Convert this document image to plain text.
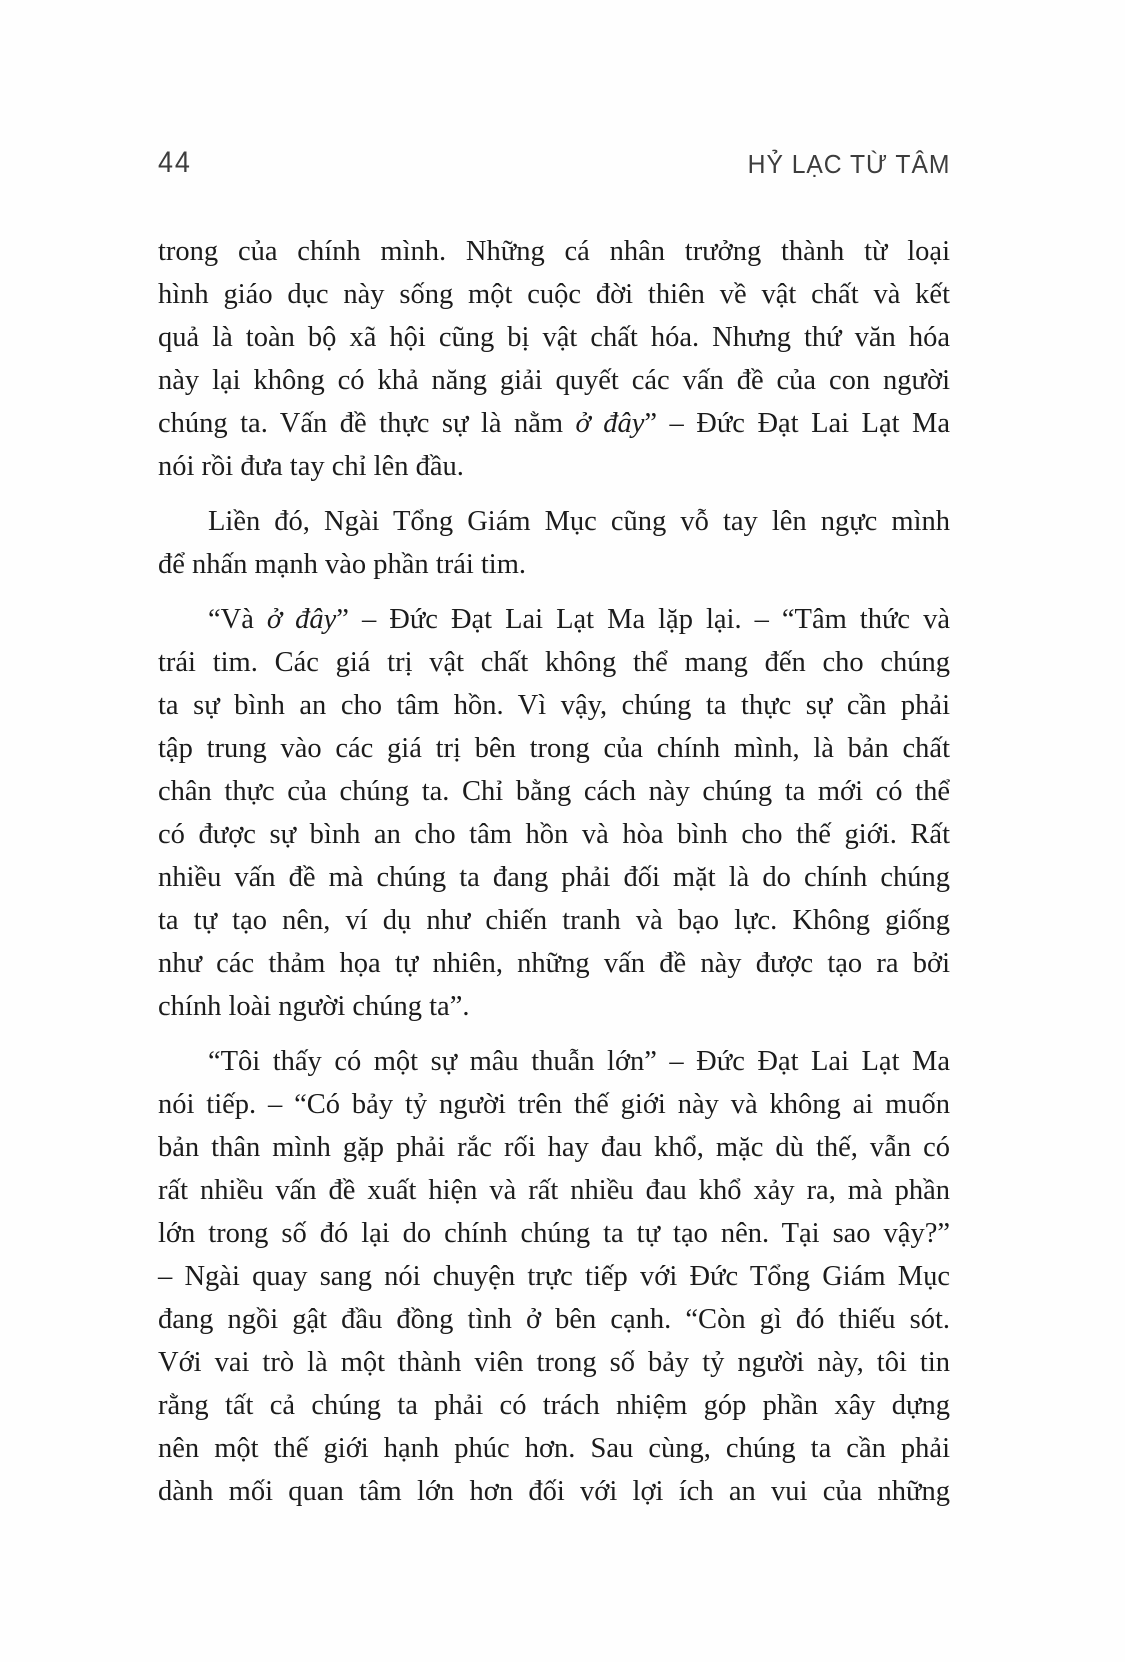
44	HỶ LẠC TỪ TÂM

trong của chính mình. Những cá nhân trưởng thành từ loại
hình giáo dục này sống một cuộc đời thiên về vật chất và kết
quả là toàn bộ xã hội cũng bị vật chất hóa. Nhưng thứ văn hóa
này lại không có khả năng giải quyết các vấn đề của con người
chúng ta. Vấn đề thực sự là nằm ở đây” – Đức Đạt Lai Lạt Ma
nói rồi đưa tay chỉ lên đầu.

Liền đó, Ngài Tổng Giám Mục cũng vỗ tay lên ngực mình
để nhấn mạnh vào phần trái tim.

“Và ở đây” – Đức Đạt Lai Lạt Ma lặp lại. – “Tâm thức và
trái tim. Các giá trị vật chất không thể mang đến cho chúng
ta sự bình an cho tâm hồn. Vì vậy, chúng ta thực sự cần phải
tập trung vào các giá trị bên trong của chính mình, là bản chất
chân thực của chúng ta. Chỉ bằng cách này chúng ta mới có thể
có được sự bình an cho tâm hồn và hòa bình cho thế giới. Rất
nhiều vấn đề mà chúng ta đang phải đối mặt là do chính chúng
ta tự tạo nên, ví dụ như chiến tranh và bạo lực. Không giống
như các thảm họa tự nhiên, những vấn đề này được tạo ra bởi
chính loài người chúng ta”.

“Tôi thấy có một sự mâu thuẫn lớn” – Đức Đạt Lai Lạt Ma
nói tiếp. – “Có bảy tỷ người trên thế giới này và không ai muốn
bản thân mình gặp phải rắc rối hay đau khổ, mặc dù thế, vẫn có
rất nhiều vấn đề xuất hiện và rất nhiều đau khổ xảy ra, mà phần
lớn trong số đó lại do chính chúng ta tự tạo nên. Tại sao vậy?”
– Ngài quay sang nói chuyện trực tiếp với Đức Tổng Giám Mục
đang ngồi gật đầu đồng tình ở bên cạnh. “Còn gì đó thiếu sót.
Với vai trò là một thành viên trong số bảy tỷ người này, tôi tin
rằng tất cả chúng ta phải có trách nhiệm góp phần xây dựng
nên một thế giới hạnh phúc hơn. Sau cùng, chúng ta cần phải
dành mối quan tâm lớn hơn đối với lợi ích an vui của những
